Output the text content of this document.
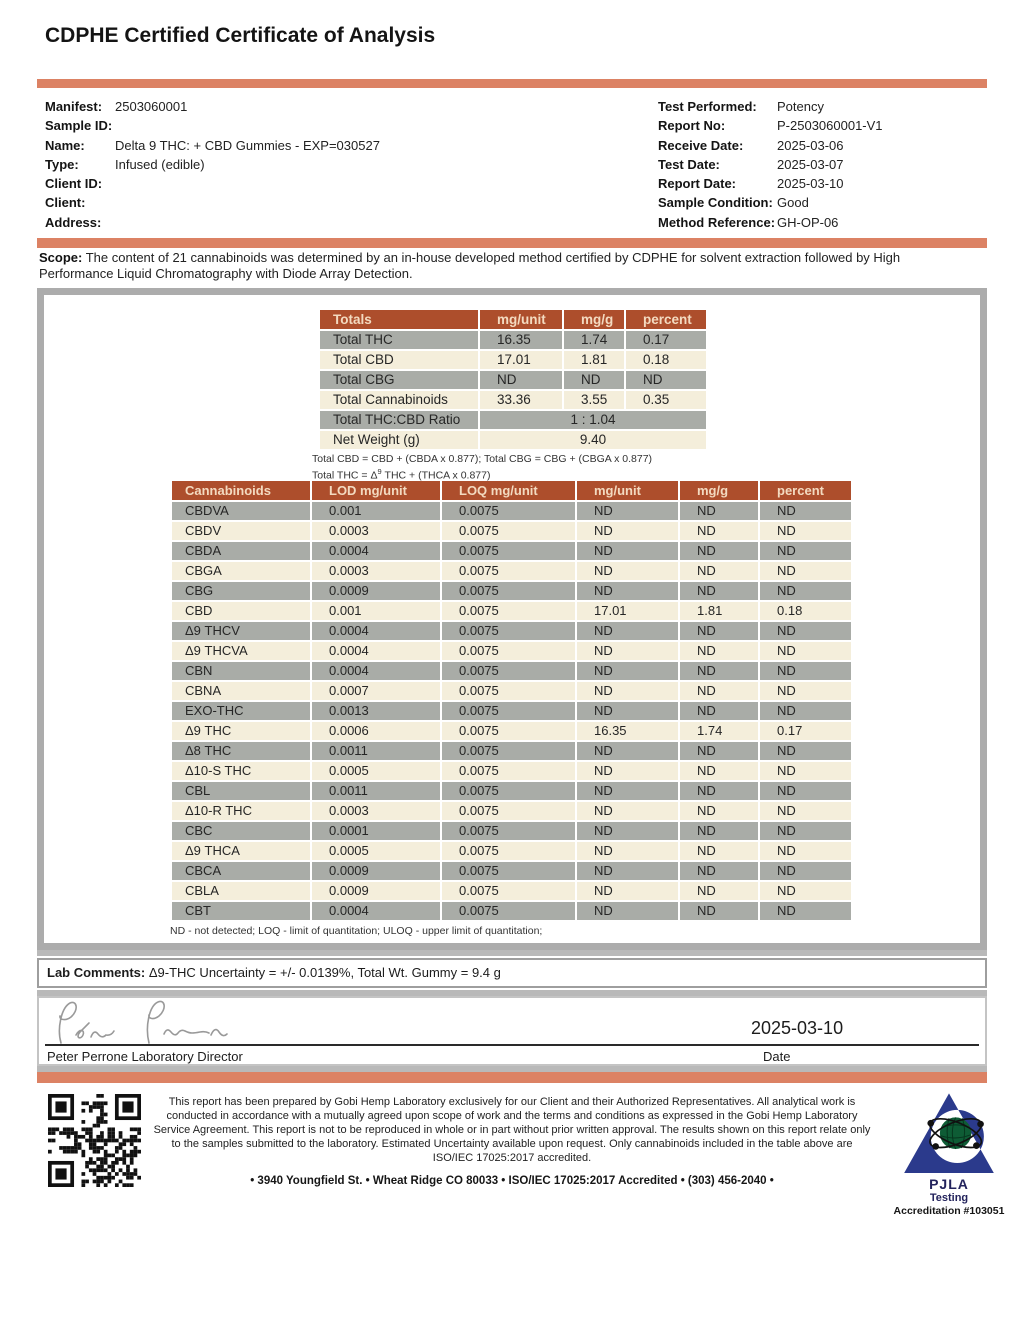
CDPHE Certified Certificate of Analysis
Manifest: 2503060001
Sample ID:
Name: Delta 9 THC: + CBD Gummies - EXP=030527
Type:	Infused (edible)
Client ID:
Client:
Address:
Test Performed: Potency
Report No:	P-2503060001-V1
Receive Date:	2025-03-06
Test Date:	2025-03-07
Report Date:	2025-03-10
Sample Condition: Good
Method Reference: GH-OP-06

Scope: The content of 21 cannabinoids was determined by an in-house developed method certified by CDPHE for solvent extraction followed by High Performance Liquid Chromatography with Diode Array Detection.

Totals	mg/unit	mg/g	percent
Total THC	16.35	1.74	0.17
Total CBD	17.01	1.81	0.18
Total CBG	ND	ND	ND
Total Cannabinoids	33.36	3.55	0.35
Total THC:CBD Ratio	1 : 1.04		
Net Weight (g)	9.40		
Total CBD = CBD + (CBDA x 0.877); Total CBG = CBG + (CBGA x 0.877)
Total THC = $\Delta^9$ THC + (THCA x 0.877)
Cannabinoids	LOD mg/unit	LOQ mg/unit	mg/unit	mg/g	percent
CBDVA	0.001	0.0075	ND	ND	ND
CBDV	0.0003	0.0075	ND	ND	ND
CBDA	0.0004	0.0075	ND	ND	ND
CBGA	0.0003	0.0075	ND	ND	ND
CBG	0.0009	0.0075	ND	ND	ND
CBD	0.001	0.0075	17.01	1.81	0.18
Δ9 THCV	0.0004	0.0075	ND	ND	ND
Δ9 THCVA	0.0004	0.0075	ND	ND	ND
CBN	0.0004	0.0075	ND	ND	ND
CBNA	0.0007	0.0075	ND	ND	ND
EXO-THC	0.0013	0.0075	ND	ND	ND
Δ9 THC	0.0006	0.0075	16.35	1.74	0.17
Δ8 THC	0.0011	0.0075	ND	ND	ND
Δ10-S THC	0.0005	0.0075	ND	ND	ND
CBL	0.0011	0.0075	ND	ND	ND
Δ10-R THC	0.0003	0.0075	ND	ND	ND
CBC	0.0001	0.0075	ND	ND	ND
Δ9 THCA	0.0005	0.0075	ND	ND	ND
CBCA	0.0009	0.0075	ND	ND	ND
CBLA	0.0009	0.0075	ND	ND	ND
CBT	0.0004	0.0075	ND	ND	ND
ND - not detected; LOQ - limit of quantitation; ULOQ - upper limit of quantitation;
Lab Comments: Δ9-THC Uncertainty = +/- 0.0139%, Total Wt. Gummy = 9.4 g
2025-03-10
Peter Perrone Laboratory Director	Date

This report has been prepared by Gobi Hemp Laboratory exclusively for our Client and their Authorized Representatives. All analytical work is conducted in accordance with a mutually agreed upon scope of work and the terms and conditions as expressed in the Gobi Hemp Laboratory Service Agreement. This report is not to be reproduced in whole or in part without prior written approval. The results shown on this report relate only to the samples submitted to the laboratory. Estimated Uncertainty available upon request. Only cannabinoids included in the table above are ISO/IEC 17025:2017 accredited.

• 3940 Youngfield St. • Wheat Ridge CO 80033 • ISO/IEC 17025:2017 Accredited • (303) 456-2040 •	PJLA
Testing
Accreditation #103051
